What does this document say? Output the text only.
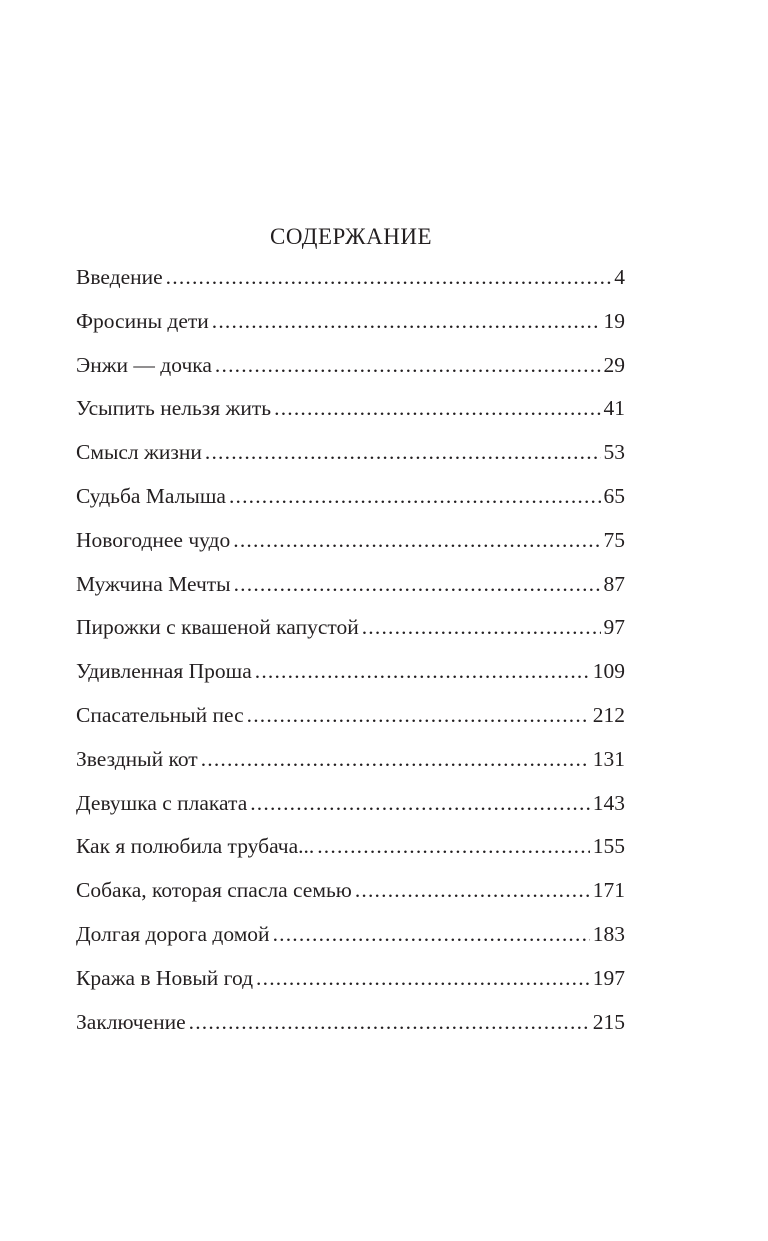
СОДЕРЖАНИЕ
Введение .....	4
Фросины дети .....	19
Энжи — дочка .....	29
Усыпить нельзя жить .....	41
Смысл жизни .....	53
Судьба Малыша .....	65
Новогоднее чудо .....	75
Мужчина Мечты .....	87
Пирожки с квашеной капустой .....	97
Удивленная Проша .....	109
Спасательный пес .....	212
Звездный кот .....	131
Девушка с плаката .....	143
Как я полюбила трубача... .....	155
Собака, которая спасла семью .....	171
Долгая дорога домой .....	183
Кража в Новый год .....	197
Заключение .....	215
